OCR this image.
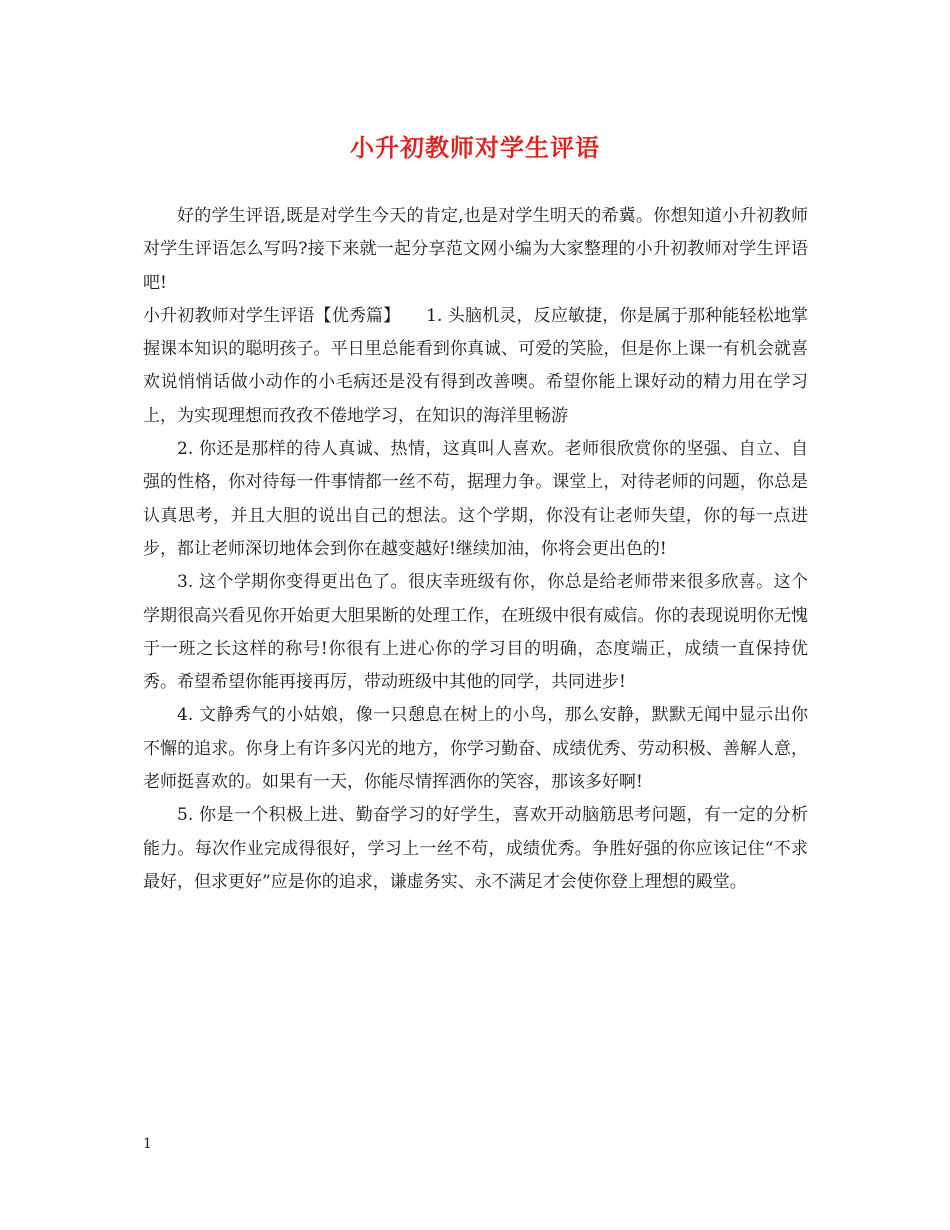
小升初教师对学生评语

好的学生评语,既是对学生今天的肯定,也是对学生明天的希冀。你想知道小升初教师对学生评语怎么写吗?接下来就一起分享范文网小编为大家整理的小升初教师对学生评语吧!

小升初教师对学生评语【优秀篇】　　1. 头脑机灵，反应敏捷，你是属于那种能轻松地掌握课本知识的聪明孩子。平日里总能看到你真诚、可爱的笑脸，但是你上课一有机会就喜欢说悄悄话做小动作的小毛病还是没有得到改善噢。希望你能上课好动的精力用在学习上，为实现理想而孜孜不倦地学习，在知识的海洋里畅游

2. 你还是那样的待人真诚、热情，这真叫人喜欢。老师很欣赏你的坚强、自立、自强的性格，你对待每一件事情都一丝不苟，据理力争。课堂上，对待老师的问题，你总是认真思考，并且大胆的说出自己的想法。这个学期，你没有让老师失望，你的每一点进步，都让老师深切地体会到你在越变越好!继续加油，你将会更出色的!

3. 这个学期你变得更出色了。很庆幸班级有你，你总是给老师带来很多欣喜。这个学期很高兴看见你开始更大胆果断的处理工作，在班级中很有威信。你的表现说明你无愧于一班之长这样的称号!你很有上进心你的学习目的明确，态度端正，成绩一直保持优秀。希望希望你能再接再厉，带动班级中其他的同学，共同进步!

4. 文静秀气的小姑娘，像一只憩息在树上的小鸟，那么安静，默默无闻中显示出你不懈的追求。你身上有许多闪光的地方，你学习勤奋、成绩优秀、劳动积极、善解人意，老师挺喜欢的。如果有一天，你能尽情挥洒你的笑容，那该多好啊!

5. 你是一个积极上进、勤奋学习的好学生，喜欢开动脑筋思考问题，有一定的分析能力。每次作业完成得很好，学习上一丝不苟，成绩优秀。争胜好强的你应该记住“不求最好，但求更好”应是你的追求，谦虚务实、永不满足才会使你登上理想的殿堂。

1
